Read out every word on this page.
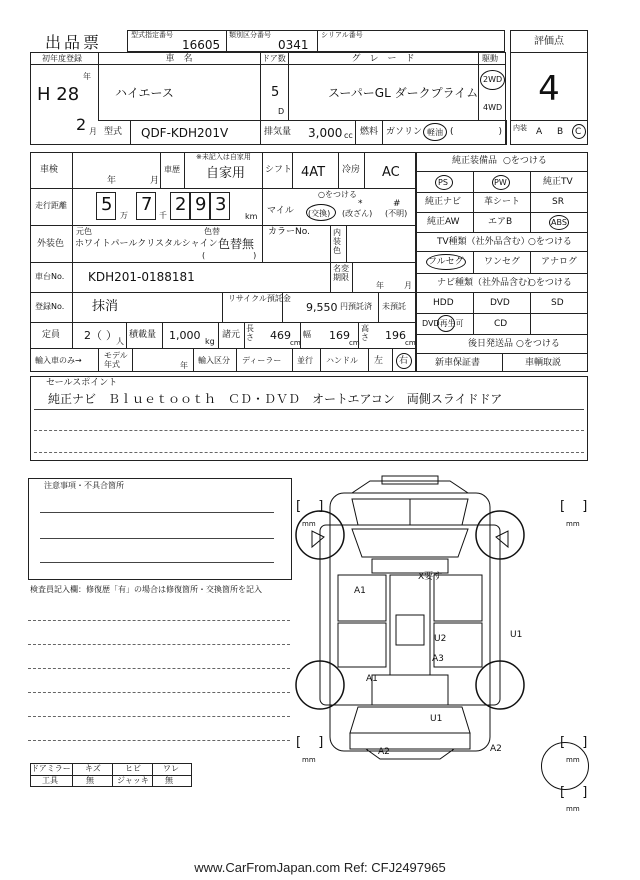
出品票	型式指定番号
16605
類別区分番号
0341
シリアル番号
評価点
4
初年度登録
年
H 28
2 月
車　名
ハイエース
ドア数
5
D
グ　レ　ー　ド
スーパーGL ダークプライム
駆動
2WD
4WD
型式 QDF-KDH201V	排気量 3,000 cc 燃料 ガソリン 軽油 (　　　　　) 内装 A B C
車検
年	月
車歴
※未記入は自家用
自家用 シフト 4AT 冷房 AC
走行距離 5
万
7
千
2 9 3
km
マイル
○をつける
*	#
(交換) (改ざん) (不明)
外装色
元色
ホワイトパールクリスタルシャイン
色替
色替無
(　　　　　　)
カラーNo.	内装色
車台No. KDH201-0188181
名変期限
年	月
登録No. 抹消
リサイクル預託金
9,550 円預託済 未預託
定員 2（ ） 人
積載量 1,000 kg
諸元
長さ 469
cm
幅 169
cm
高さ 196
cm
輸入車のみ→
モデル年式	年
輸入区分 ディーラー 並行 ハンドル 左 右
純正装備品 ○をつける
PS	PW	純正TV
純正ナビ	革シート	SR
純正AW	エアB	ABS
TV種類（社外品含む）
○をつける
フルセグ ワンセグ アナログ
ナビ種類（社外品含む）
○をつける
HDD	DVD	SD
DVD再生可	CD
後日発送品 ○をつける
新車保証書	車輌取説
セールスポイント
純正ナビ　Ｂｌｕｅｔｏｏｔｈ　ＣＤ・ＤＶＤ　オートエアコン　両側スライドドア
注意事項・不具合箇所
検査員記入欄：修復歴「有」の場合は修復箇所・交換箇所を記入
ドアミラー キズ	ヒビ	ワレ
工具	無	ジャッキ 無
X要す
A1
A1
U1
U2
A3
U1
A2	A2
[　 ]
mm
[　 ]
mm
[　 ]
mm
[　 ]
mm
[　 ]
mm
www.CarFromJapan.com Ref: CFJ2497965
